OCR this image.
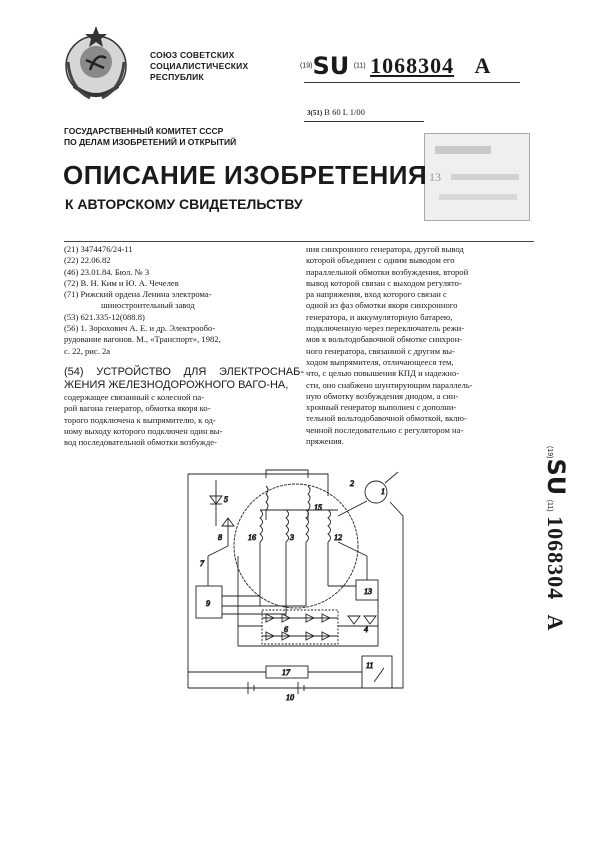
СОЮЗ СОВЕТСКИХ
СОЦИАЛИСТИЧЕСКИХ
РЕСПУБЛИК
(19)SU (11) 1068304 A
3(51) B 60 L 1/00
ГОСУДАРСТВЕННЫЙ КОМИТЕТ СССР
ПО ДЕЛАМ ИЗОБРЕТЕНИЙ И ОТКРЫТИЙ
13
ОПИСАНИЕ ИЗОБРЕТЕНИЯ
К АВТОРСКОМУ СВИДЕТЕЛЬСТВУ
(21) 3474476/24-11
(22) 22.06.82
(46) 23.01.84. Бюл. № 3
(72) В. Н. Ким и Ю. А. Чечелев
(71) Рижский ордена Ленина электрома-
шиностроительный завод
(53) 621.335-12(088.8)
(56) 1. Зорохович А. Е. и др. Электрообо-
рудование вагонов. М., «Транспорт», 1982,
с. 22, рис. 2а
(54) УСТРОЙСТВО ДЛЯ ЭЛЕКТРОСНАБ-ЖЕНИЯ ЖЕЛЕЗНОДОРОЖНОГО ВАГО-НА,
содержащее связанный с колесной па-
рой вагона генератор, обмотка якоря ко-
торого подключена к выпрямителю, к од-
ному выходу которого подключен один вы-
вод последовательной обмотки возбужде-
ния синхронного генератора, другой вывод
которой объединен с одним выводом его
параллельной обмотки возбуждения, второй
вывод которой связан с выходом регулято-
ра напряжения, вход которого связан с
одной из фаз обмотки якоря синхронного
генератора, и аккумуляторную батарею,
подключенную через переключатель режи-
мов к вольтодобавочной обмотке синхрон-
ного генератора, связанной с другим вы-
ходом выпрямителя, отличающееся тем,
что, с целью повышения КПД и надежно-
сти, оно снабжено шунтирующим параллель-
ную обмотку возбуждения диодом, а син-
хронный генератор выполнен с дополни-
тельной вольтодобавочной обмоткой, вклю-
ченной последовательно с регулятором на-
пряжения.
(19)SU (11) 1068304 A
1
2
3
4
5
6
7
8
9
10
11
12
13
15
16
17
